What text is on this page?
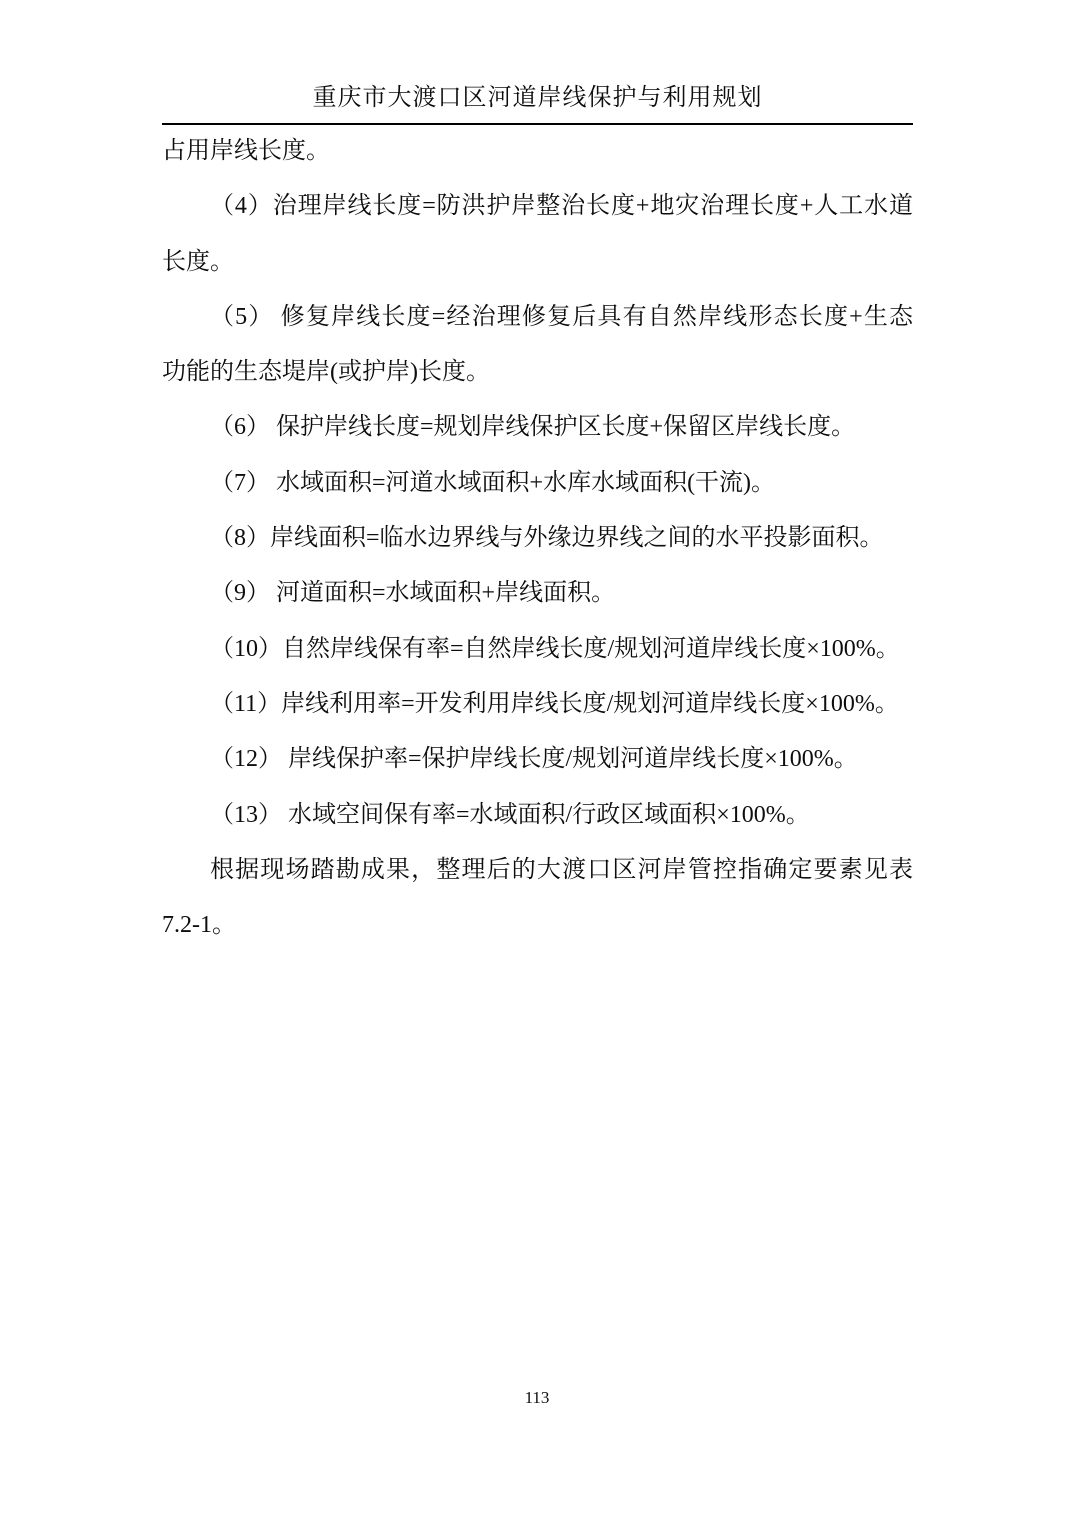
重庆市大渡口区河道岸线保护与利用规划
占用岸线长度。
（4）治理岸线长度=防洪护岸整治长度+地灾治理长度+人工水道
长度。
（5） 修复岸线长度=经治理修复后具有自然岸线形态长度+生态
功能的生态堤岸(或护岸)长度。
（6） 保护岸线长度=规划岸线保护区长度+保留区岸线长度。
（7） 水域面积=河道水域面积+水库水域面积(干流)。
（8）岸线面积=临水边界线与外缘边界线之间的水平投影面积。
（9） 河道面积=水域面积+岸线面积。
（10）自然岸线保有率=自然岸线长度/规划河道岸线长度×100%。
（11）岸线利用率=开发利用岸线长度/规划河道岸线长度×100%。
（12） 岸线保护率=保护岸线长度/规划河道岸线长度×100%。
（13） 水域空间保有率=水域面积/行政区域面积×100%。
根据现场踏勘成果，整理后的大渡口区河岸管控指确定要素见表
7.2-1。
113
